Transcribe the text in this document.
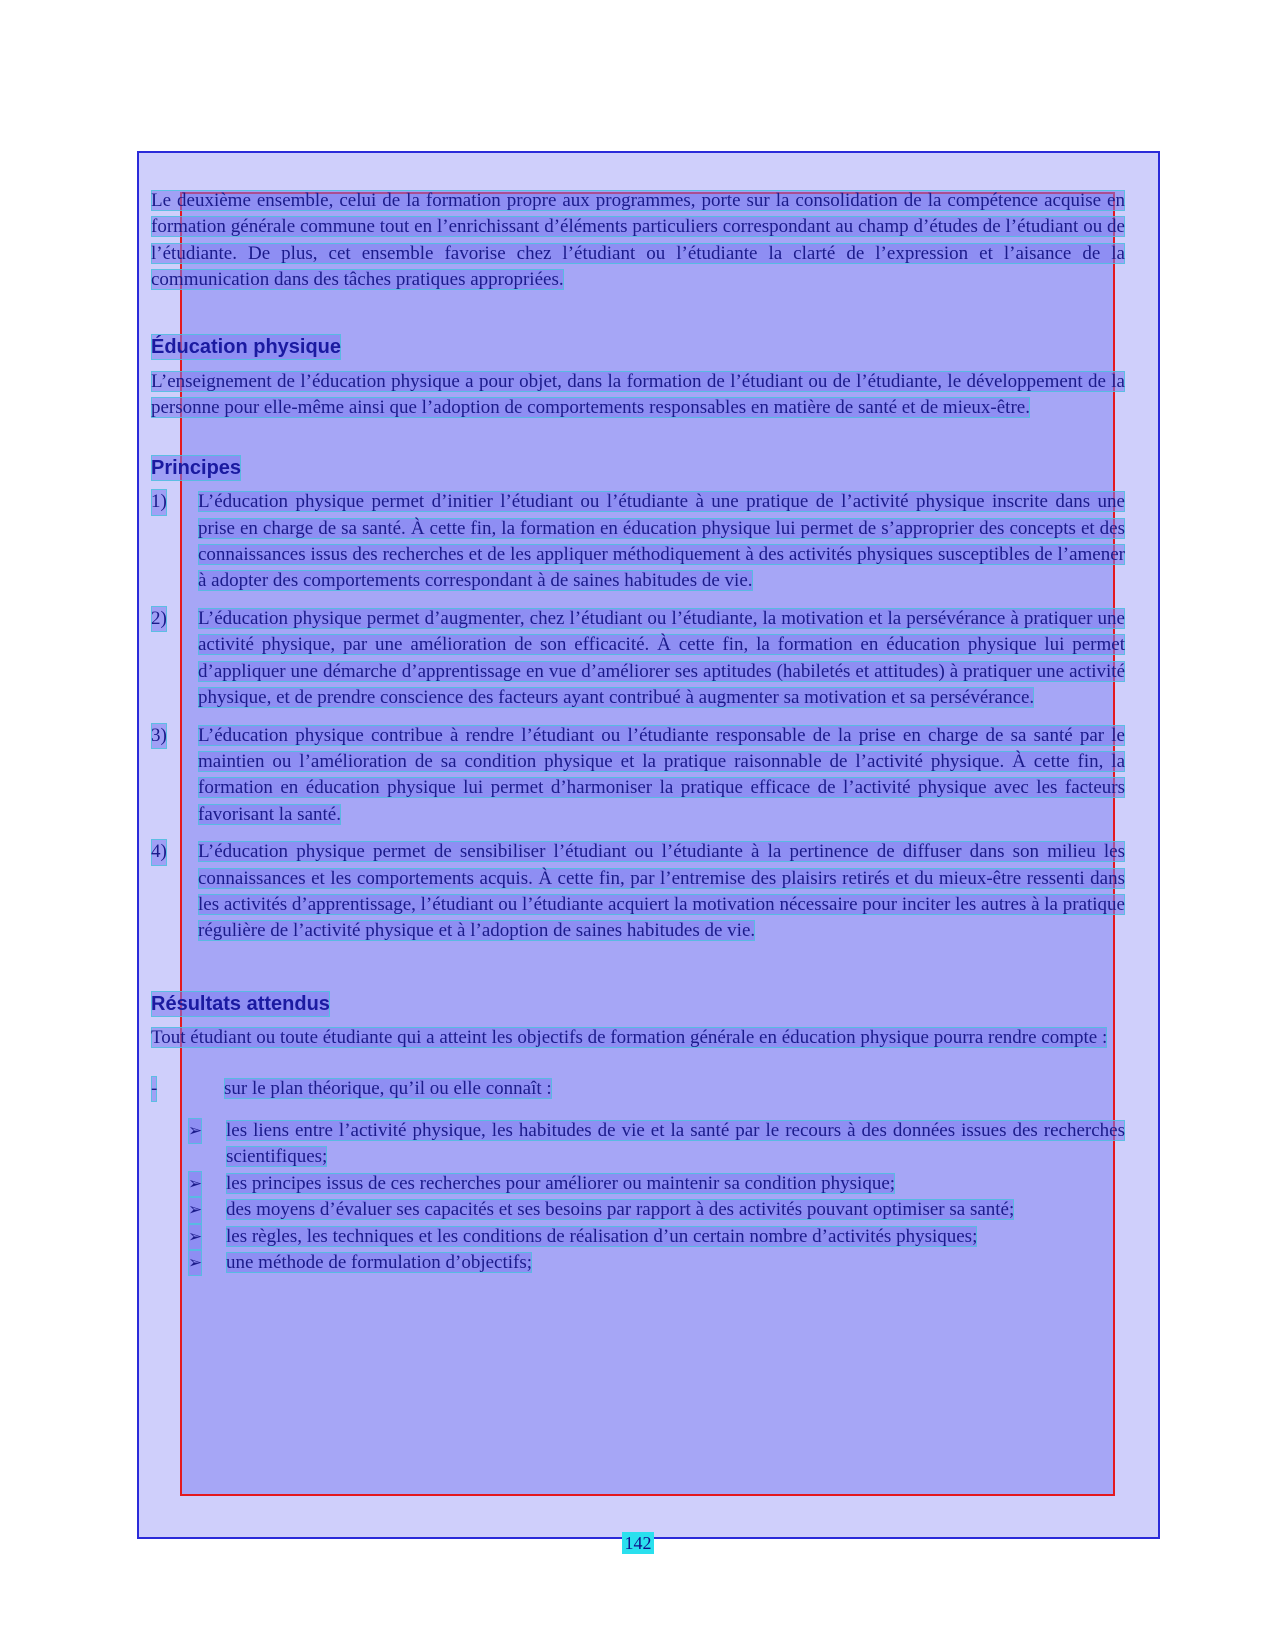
Le deuxième ensemble, celui de la formation propre aux programmes, porte sur la consolidation de la compétence acquise en formation générale commune tout en l’enrichissant d’éléments particuliers correspondant au champ d’études de l’étudiant ou de l’étudiante. De plus, cet ensemble favorise chez l’étudiant ou l’étudiante la clarté de l’expression et l’aisance de la communication dans des tâches pratiques appropriées.

Éducation physique

L’enseignement de l’éducation physique a pour objet, dans la formation de l’étudiant ou de l’étudiante, le développement de la personne pour elle-même ainsi que l’adoption de comportements responsables en matière de santé et de mieux-être.

Principes
1) L’éducation physique permet d’initier l’étudiant ou l’étudiante à une pratique de l’activité physique inscrite dans une prise en charge de sa santé. À cette fin, la formation en éducation physique lui permet de s’approprier des concepts et des connaissances issus des recherches et de les appliquer méthodiquement à des activités physiques susceptibles de l’amener à adopter des comportements correspondant à de saines habitudes de vie.

2) L’éducation physique permet d’augmenter, chez l’étudiant ou l’étudiante, la motivation et la persévérance à pratiquer une activité physique, par une amélioration de son efficacité. À cette fin, la formation en éducation physique lui permet d’appliquer une démarche d’apprentissage en vue d’améliorer ses aptitudes (habiletés et attitudes) à pratiquer une activité physique, et de prendre conscience des facteurs ayant contribué à augmenter sa motivation et sa persévérance.

3) L’éducation physique contribue à rendre l’étudiant ou l’étudiante responsable de la prise en charge de sa santé par le maintien ou l’amélioration de sa condition physique et la pratique raisonnable de l’activité physique. À cette fin, la formation en éducation physique lui permet d’harmoniser la pratique efficace de l’activité physique avec les facteurs favorisant la santé.

4) L’éducation physique permet de sensibiliser l’étudiant ou l’étudiante à la pertinence de diffuser dans son milieu les connaissances et les comportements acquis. À cette fin, par l’entremise des plaisirs retirés et du mieux-être ressenti dans les activités d’apprentissage, l’étudiant ou l’étudiante acquiert la motivation nécessaire pour inciter les autres à la pratique régulière de l’activité physique et à l’adoption de saines habitudes de vie.

Résultats attendus

Tout étudiant ou toute étudiante qui a atteint les objectifs de formation générale en éducation physique pourra rendre compte :

-	sur le plan théorique, qu’il ou elle connaît :
➢ les liens entre l’activité physique, les habitudes de vie et la santé par le recours à des données issues des recherches scientifiques;

➢ les principes issus de ces recherches pour améliorer ou maintenir sa condition physique;

➢ des moyens d’évaluer ses capacités et ses besoins par rapport à des activités pouvant optimiser sa santé;

➢ les règles, les techniques et les conditions de réalisation d’un certain nombre d’activités physiques;

➢ une méthode de formulation d’objectifs;

142
